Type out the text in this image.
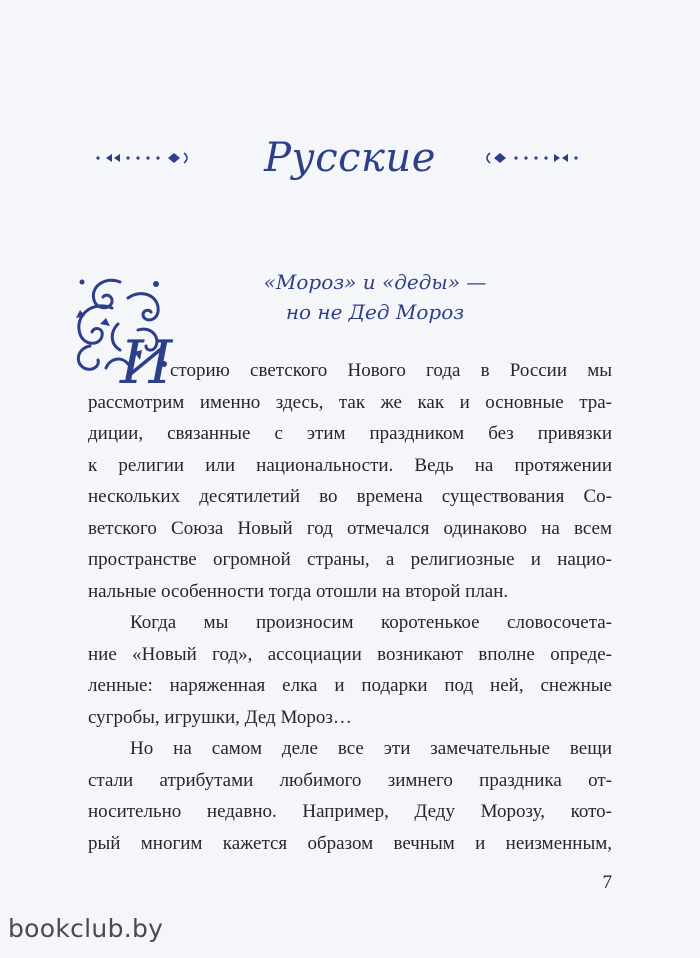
Русские
«Мороз» и «деды» —
но не Дед Мороз
И
сторию светского Нового года в России мы
рассмотрим именно здесь, так же как и основные тра-
диции, связанные с этим праздником без привязки
к религии или национальности. Ведь на протяжении
нескольких десятилетий во времена существования Со-
ветского Союза Новый год отмечался одинаково на всем
пространстве огромной страны, а религиозные и нацио-
нальные особенности тогда отошли на второй план.
Когда мы произносим коротенькое словосочета-
ние «Новый год», ассоциации возникают вполне опреде-
ленные: наряженная елка и подарки под ней, снежные
сугробы, игрушки, Дед Мороз…
Но на самом деле все эти замечательные вещи
стали атрибутами любимого зимнего праздника от-
носительно недавно. Например, Деду Морозу, кото-
рый многим кажется образом вечным и неизменным,
7
bookclub.by
